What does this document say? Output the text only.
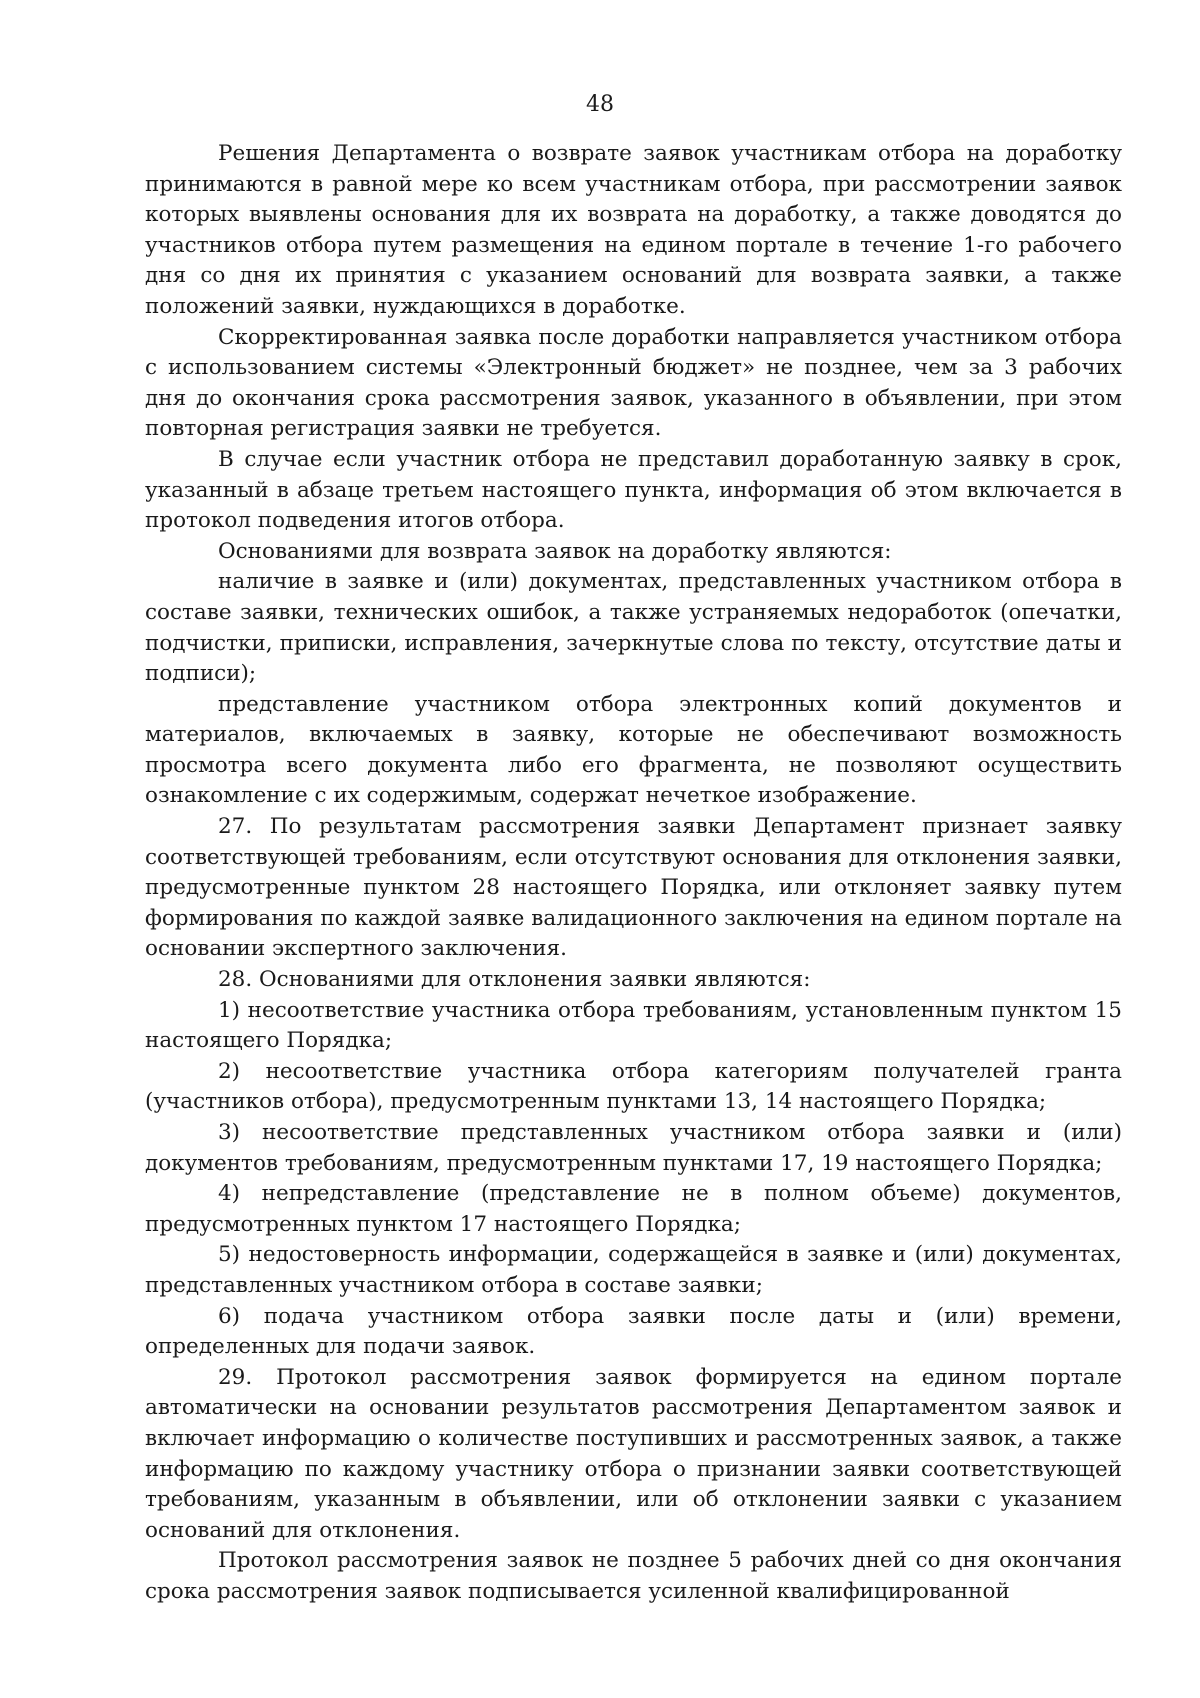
48

Решения Департамента о возврате заявок участникам отбора на доработку принимаются в равной мере ко всем участникам отбора, при рассмотрении заявок которых выявлены основания для их возврата на доработку, а также доводятся до участников отбора путем размещения на едином портале в течение 1-го рабочего дня со дня их принятия с указанием оснований для возврата заявки, а также положений заявки, нуждающихся в доработке.

Скорректированная заявка после доработки направляется участником отбора с использованием системы «Электронный бюджет» не позднее, чем за 3 рабочих дня до окончания срока рассмотрения заявок, указанного в объявлении, при этом повторная регистрация заявки не требуется.

В случае если участник отбора не представил доработанную заявку в срок, указанный в абзаце третьем настоящего пункта, информация об этом включается в протокол подведения итогов отбора.

Основаниями для возврата заявок на доработку являются:

наличие в заявке и (или) документах, представленных участником отбора в составе заявки, технических ошибок, а также устраняемых недоработок (опечатки, подчистки, приписки, исправления, зачеркнутые слова по тексту, отсутствие даты и подписи);

представление участником отбора электронных копий документов и материалов, включаемых в заявку, которые не обеспечивают возможность просмотра всего документа либо его фрагмента, не позволяют осуществить ознакомление с их содержимым, содержат нечеткое изображение.

27. По результатам рассмотрения заявки Департамент признает заявку соответствующей требованиям, если отсутствуют основания для отклонения заявки, предусмотренные пунктом 28 настоящего Порядка, или отклоняет заявку путем формирования по каждой заявке валидационного заключения на едином портале на основании экспертного заключения.

28. Основаниями для отклонения заявки являются:

1) несоответствие участника отбора требованиям, установленным пунктом 15 настоящего Порядка;

2) несоответствие участника отбора категориям получателей гранта (участников отбора), предусмотренным пунктами 13, 14 настоящего Порядка;

3) несоответствие представленных участником отбора заявки и (или) документов требованиям, предусмотренным пунктами 17, 19 настоящего Порядка;

4) непредставление (представление не в полном объеме) документов, предусмотренных пунктом 17 настоящего Порядка;

5) недостоверность информации, содержащейся в заявке и (или) документах, представленных участником отбора в составе заявки;

6) подача участником отбора заявки после даты и (или) времени, определенных для подачи заявок.

29. Протокол рассмотрения заявок формируется на едином портале автоматически на основании результатов рассмотрения Департаментом заявок и включает информацию о количестве поступивших и рассмотренных заявок, а также информацию по каждому участнику отбора о признании заявки соответствующей требованиям, указанным в объявлении, или об отклонении заявки с указанием оснований для отклонения.

Протокол рассмотрения заявок не позднее 5 рабочих дней со дня окончания срока рассмотрения заявок подписывается усиленной квалифицированной
